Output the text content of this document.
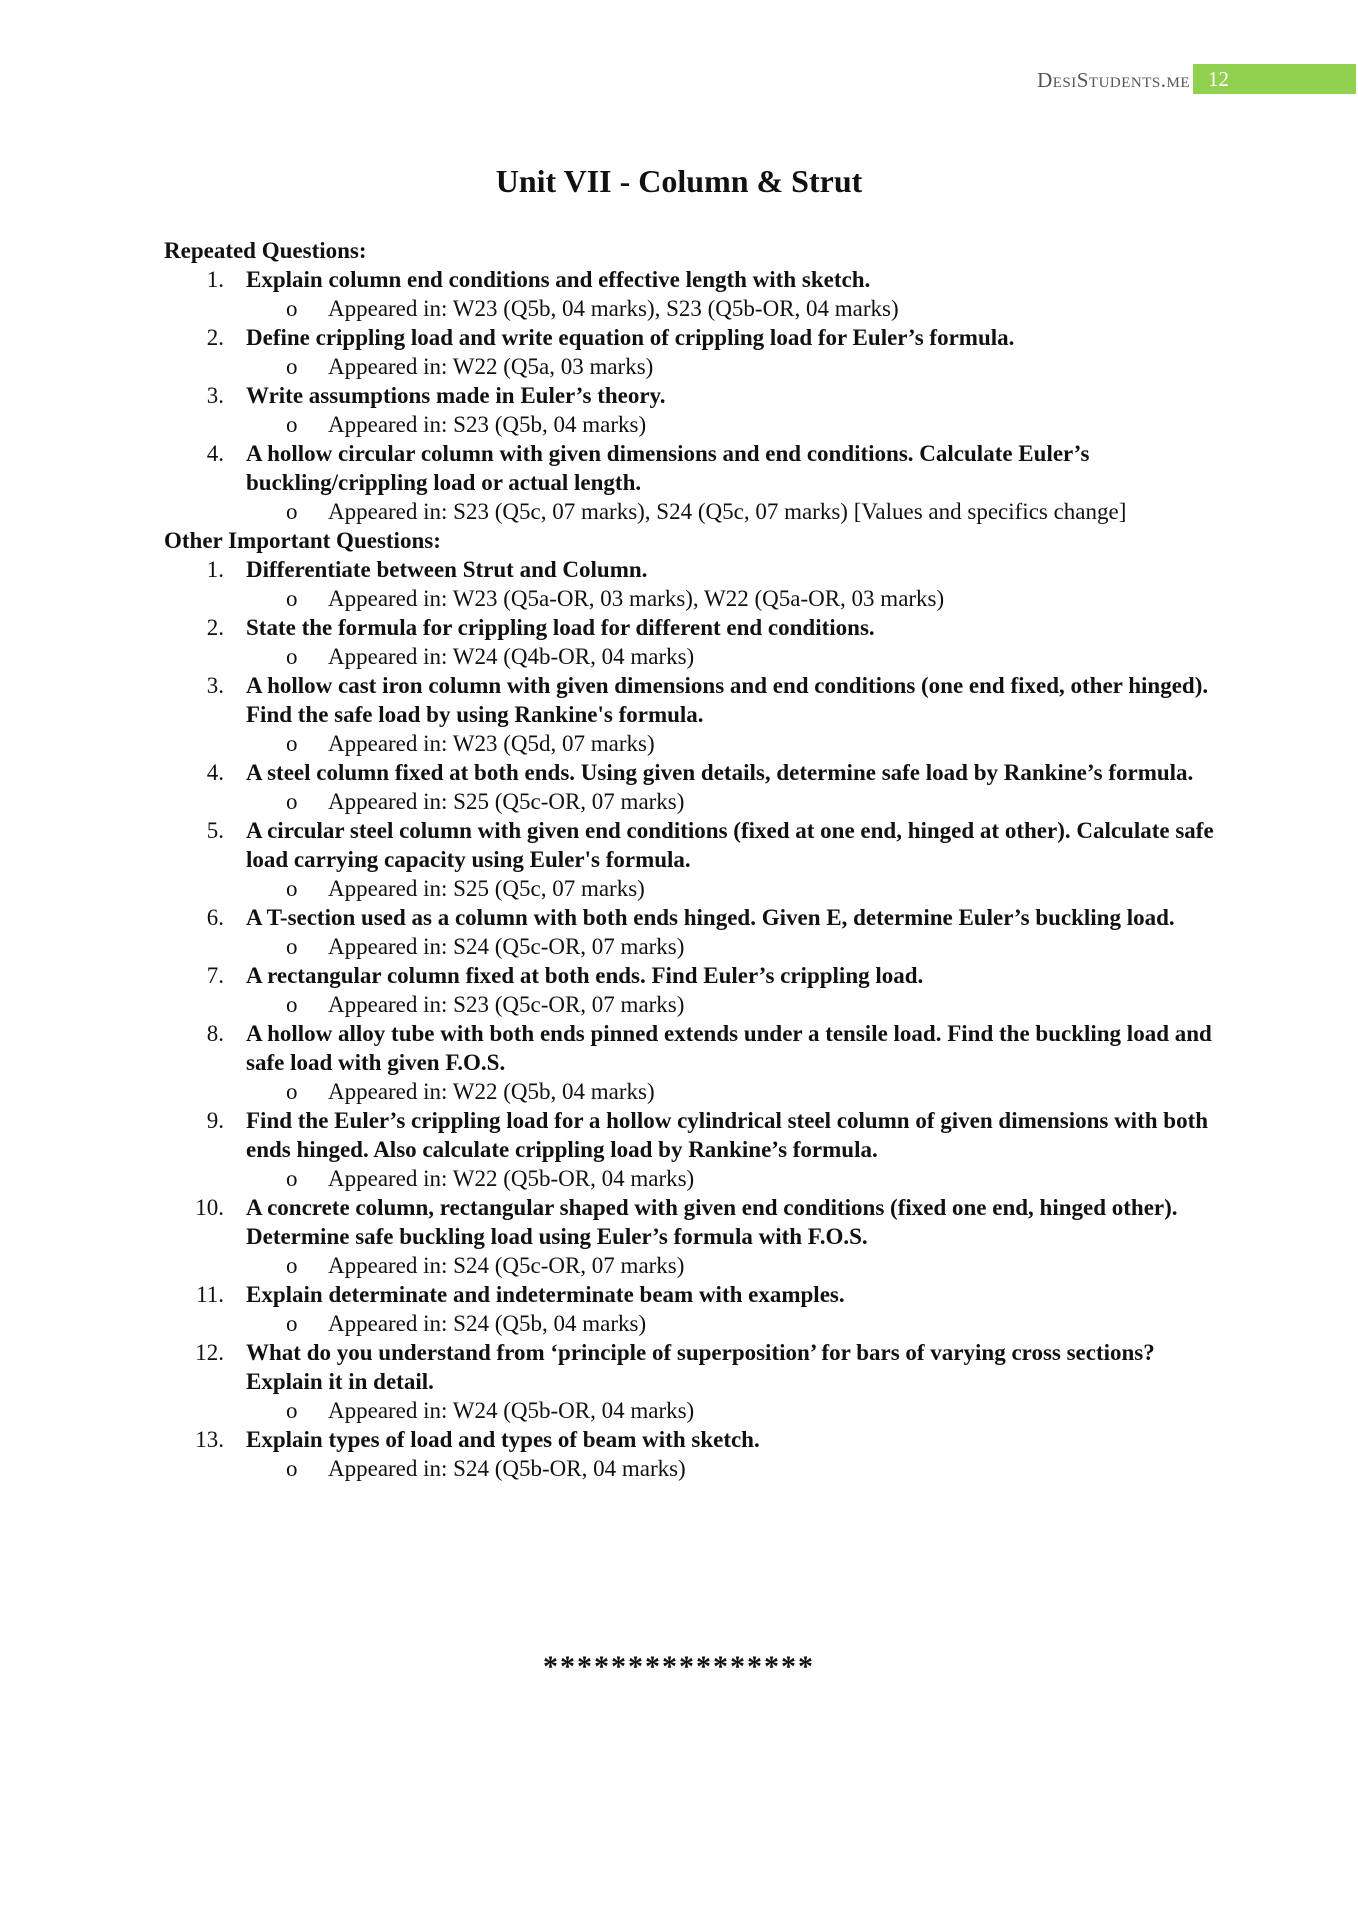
DesiStudents.me 12
Unit VII - Column & Strut

Repeated Questions:

1. Explain column end conditions and effective length with sketch.
o Appeared in: W23 (Q5b, 04 marks), S23 (Q5b-OR, 04 marks)
2. Define crippling load and write equation of crippling load for Euler’s formula.
o Appeared in: W22 (Q5a, 03 marks)
3. Write assumptions made in Euler’s theory.
o Appeared in: S23 (Q5b, 04 marks)
4. A hollow circular column with given dimensions and end conditions. Calculate Euler’s buckling/crippling load or actual length.
o Appeared in: S23 (Q5c, 07 marks), S24 (Q5c, 07 marks) [Values and specifics change]

Other Important Questions:

1. Differentiate between Strut and Column.
o Appeared in: W23 (Q5a-OR, 03 marks), W22 (Q5a-OR, 03 marks)
2. State the formula for crippling load for different end conditions.
o Appeared in: W24 (Q4b-OR, 04 marks)
3. A hollow cast iron column with given dimensions and end conditions (one end fixed, other hinged). Find the safe load by using Rankine's formula.
o Appeared in: W23 (Q5d, 07 marks)
4. A steel column fixed at both ends. Using given details, determine safe load by Rankine’s formula.
o Appeared in: S25 (Q5c-OR, 07 marks)
5. A circular steel column with given end conditions (fixed at one end, hinged at other). Calculate safe load carrying capacity using Euler's formula.
o Appeared in: S25 (Q5c, 07 marks)
6. A T-section used as a column with both ends hinged. Given E, determine Euler’s buckling load.
o Appeared in: S24 (Q5c-OR, 07 marks)
7. A rectangular column fixed at both ends. Find Euler’s crippling load.
o Appeared in: S23 (Q5c-OR, 07 marks)
8. A hollow alloy tube with both ends pinned extends under a tensile load. Find the buckling load and safe load with given F.O.S.
o Appeared in: W22 (Q5b, 04 marks)
9. Find the Euler’s crippling load for a hollow cylindrical steel column of given dimensions with both ends hinged. Also calculate crippling load by Rankine’s formula.
o Appeared in: W22 (Q5b-OR, 04 marks)
10. A concrete column, rectangular shaped with given end conditions (fixed one end, hinged other). Determine safe buckling load using Euler’s formula with F.O.S.
o Appeared in: S24 (Q5c-OR, 07 marks)
11. Explain determinate and indeterminate beam with examples.
o Appeared in: S24 (Q5b, 04 marks)
12. What do you understand from ‘principle of superposition’ for bars of varying cross sections? Explain it in detail.
o Appeared in: W24 (Q5b-OR, 04 marks)
13. Explain types of load and types of beam with sketch.
o Appeared in: S24 (Q5b-OR, 04 marks)
****************
